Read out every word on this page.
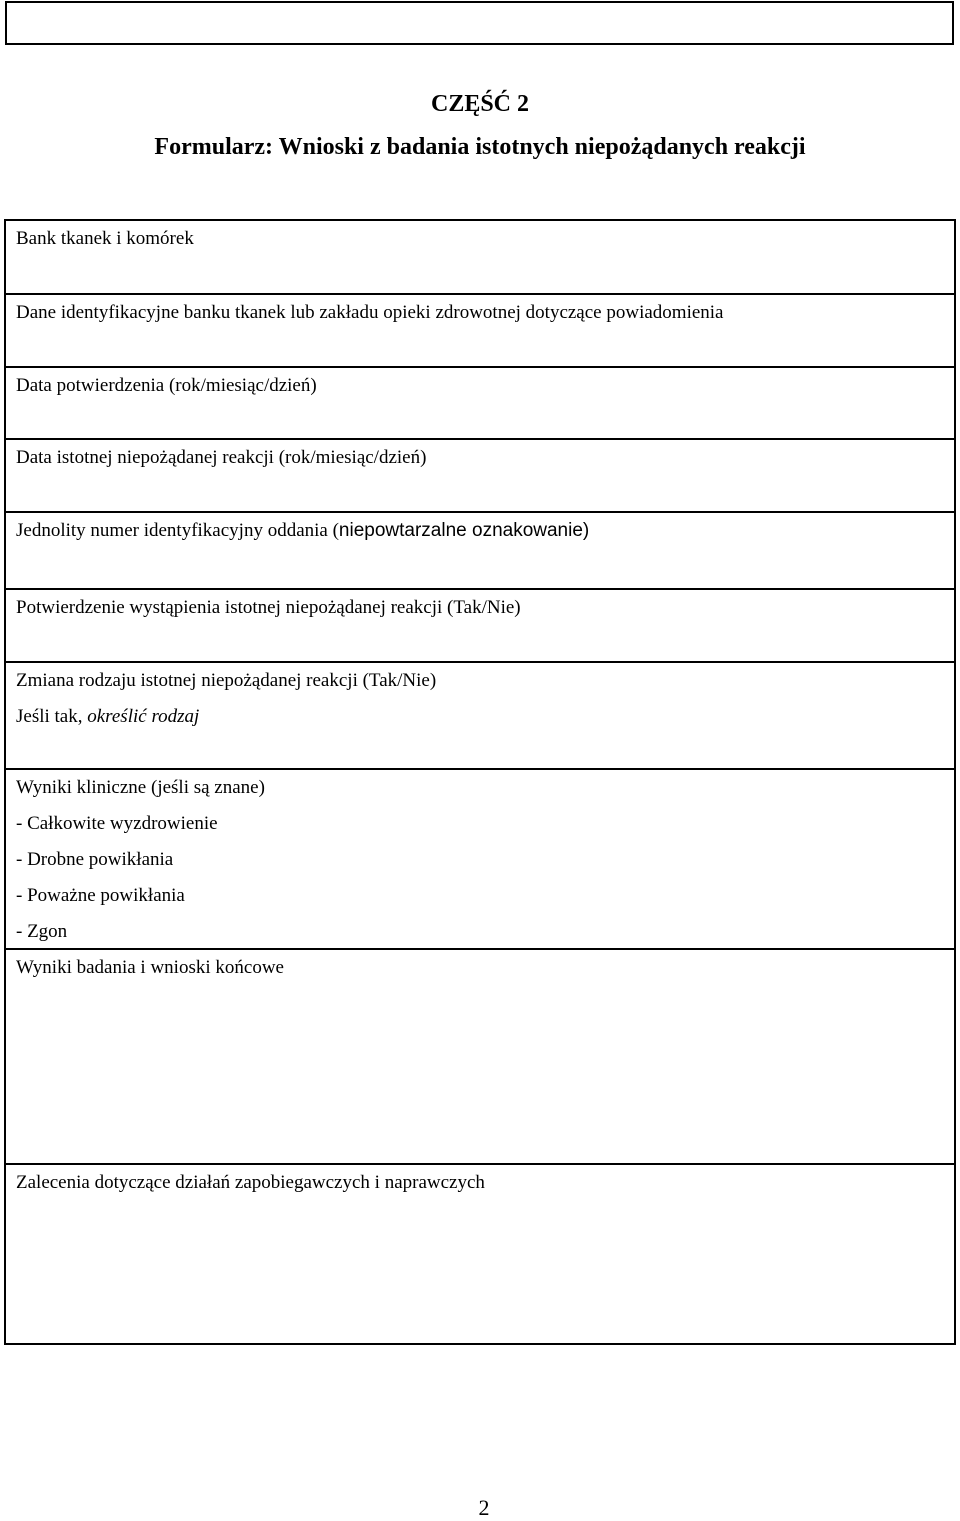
CZĘŚĆ 2
Formularz: Wnioski z badania istotnych niepożądanych reakcji
Bank tkanek i komórek
Dane identyfikacyjne banku tkanek lub zakładu opieki zdrowotnej dotyczące powiadomienia
Data potwierdzenia (rok/miesiąc/dzień)
Data istotnej niepożądanej reakcji (rok/miesiąc/dzień)
Jednolity numer identyfikacyjny oddania (niepowtarzalne oznakowanie)
Potwierdzenie wystąpienia istotnej niepożądanej reakcji (Tak/Nie)
Zmiana rodzaju istotnej niepożądanej reakcji (Tak/Nie)
Jeśli tak, określić rodzaj
Wyniki kliniczne (jeśli są znane)
- Całkowite wyzdrowienie
- Drobne powikłania
- Poważne powikłania
- Zgon
Wyniki badania i wnioski końcowe
Zalecenia dotyczące działań zapobiegawczych i naprawczych
2
